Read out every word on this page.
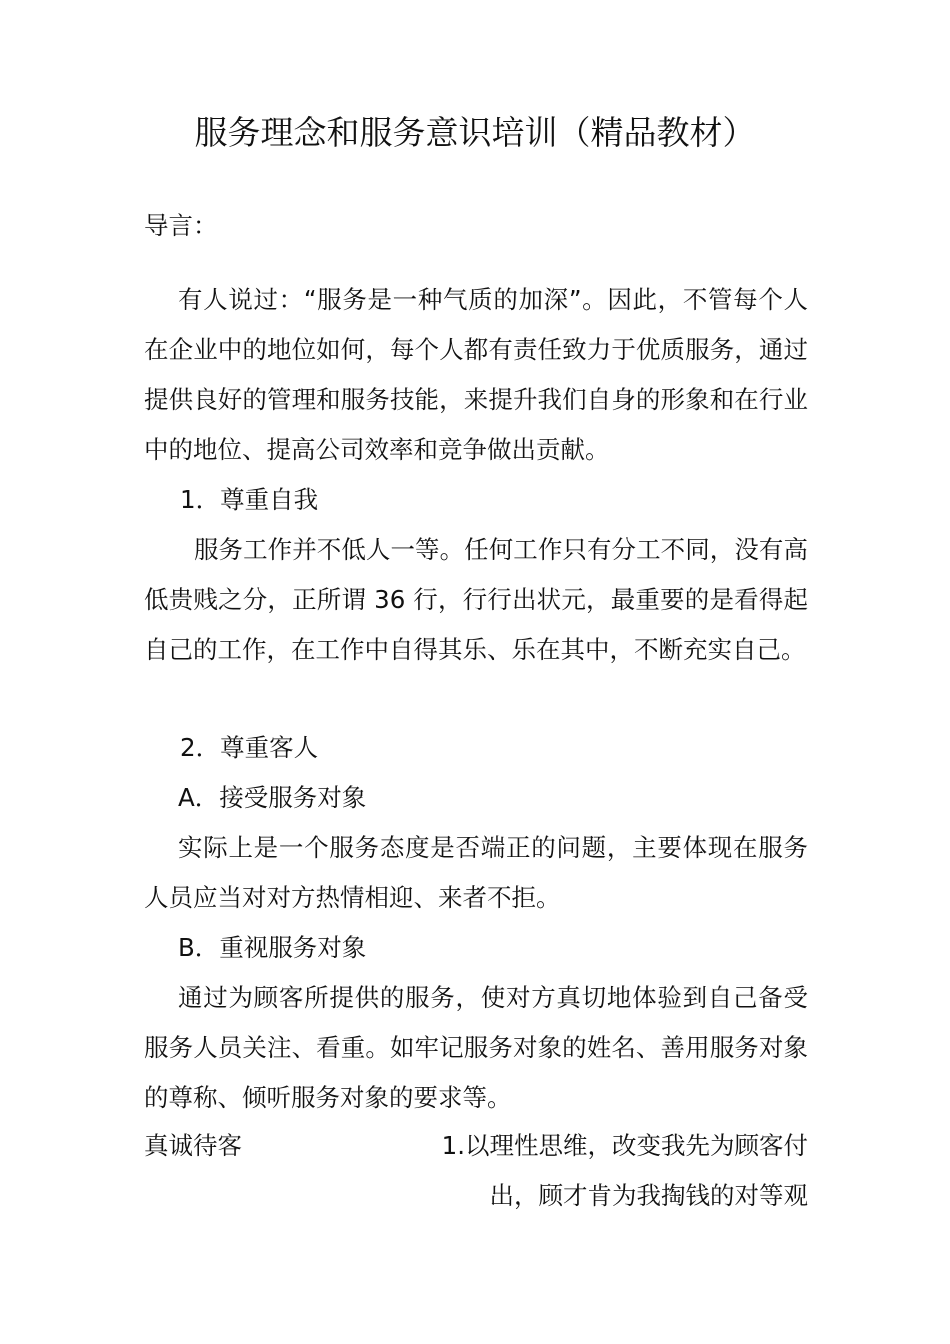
服务理念和服务意识培训（精品教材）
导言：
有人说过：“服务是一种气质的加深”。因此，不管每个人在企业中的地位如何，每个人都有责任致力于优质服务，通过提供良好的管理和服务技能，来提升我们自身的形象和在行业中的地位、提高公司效率和竞争做出贡献。
1．尊重自我
服务工作并不低人一等。任何工作只有分工不同，没有高低贵贱之分，正所谓 36 行，行行出状元，最重要的是看得起自己的工作，在工作中自得其乐、乐在其中，不断充实自己。
2．尊重客人
A．接受服务对象
实际上是一个服务态度是否端正的问题，主要体现在服务人员应当对对方热情相迎、来者不拒。
B．重视服务对象
通过为顾客所提供的服务，使对方真切地体验到自己备受服务人员关注、看重。如牢记服务对象的姓名、善用服务对象的尊称、倾听服务对象的要求等。
真诚待客	1.以理性思维，改变我先为顾客付
出，顾才肯为我掏钱的对等观
